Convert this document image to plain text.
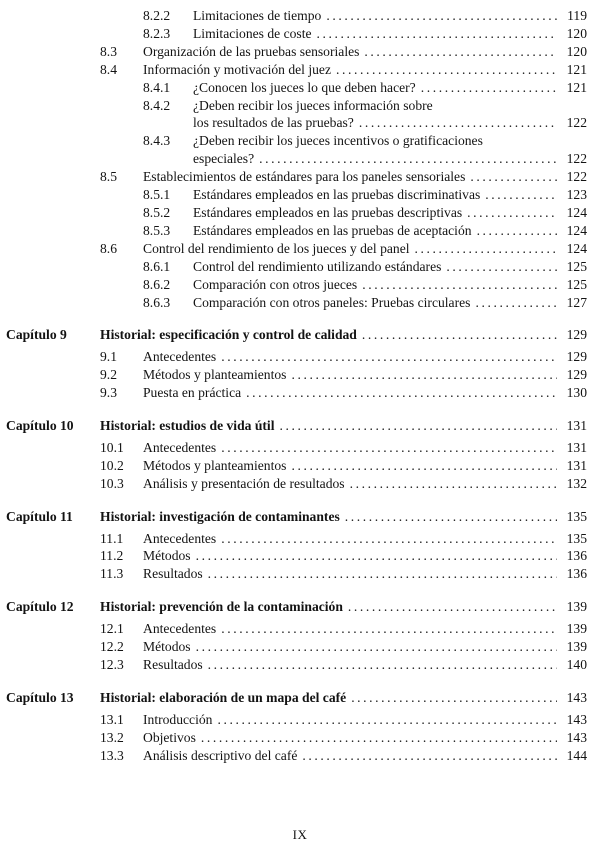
8.2.2	Limitaciones de tiempo .....	119
8.2.3	Limitaciones de coste .....	120
8.3	Organización de las pruebas sensoriales .....	120
8.4	Información y motivación del juez .....	121
8.4.1	¿Conocen los jueces lo que deben hacer? .....	121
8.4.2	¿Deben recibir los jueces información sobre
los resultados de las pruebas? .....	122
8.4.3	¿Deben recibir los jueces incentivos o gratificaciones
especiales? .....	122
8.5	Establecimientos de estándares para los paneles sensoriales .....	122
8.5.1	Estándares empleados en las pruebas discriminativas .....	123
8.5.2	Estándares empleados en las pruebas descriptivas .....	124
8.5.3	Estándares empleados en las pruebas de aceptación .....	124
8.6	Control del rendimiento de los jueces y del panel .....	124
8.6.1	Control del rendimiento utilizando estándares .....	125
8.6.2	Comparación con otros jueces .....	125
8.6.3	Comparación con otros paneles: Pruebas circulares .....	127
Capítulo 9	Historial: especificación y control de calidad .....	129
9.1	Antecedentes .....	129
9.2	Métodos y planteamientos .....	129
9.3	Puesta en práctica .....	130
Capítulo 10	Historial: estudios de vida útil .....	131
10.1	Antecedentes .....	131
10.2	Métodos y planteamientos .....	131
10.3	Análisis y presentación de resultados .....	132
Capítulo 11	Historial: investigación de contaminantes .....	135
11.1	Antecedentes .....	135
11.2	Métodos .....	136
11.3	Resultados .....	136
Capítulo 12	Historial: prevención de la contaminación .....	139
12.1	Antecedentes .....	139
12.2	Métodos .....	139
12.3	Resultados .....	140
Capítulo 13	Historial: elaboración de un mapa del café .....	143
13.1	Introducción .....	143
13.2	Objetivos .....	143
13.3	Análisis descriptivo del café .....	144
IX
